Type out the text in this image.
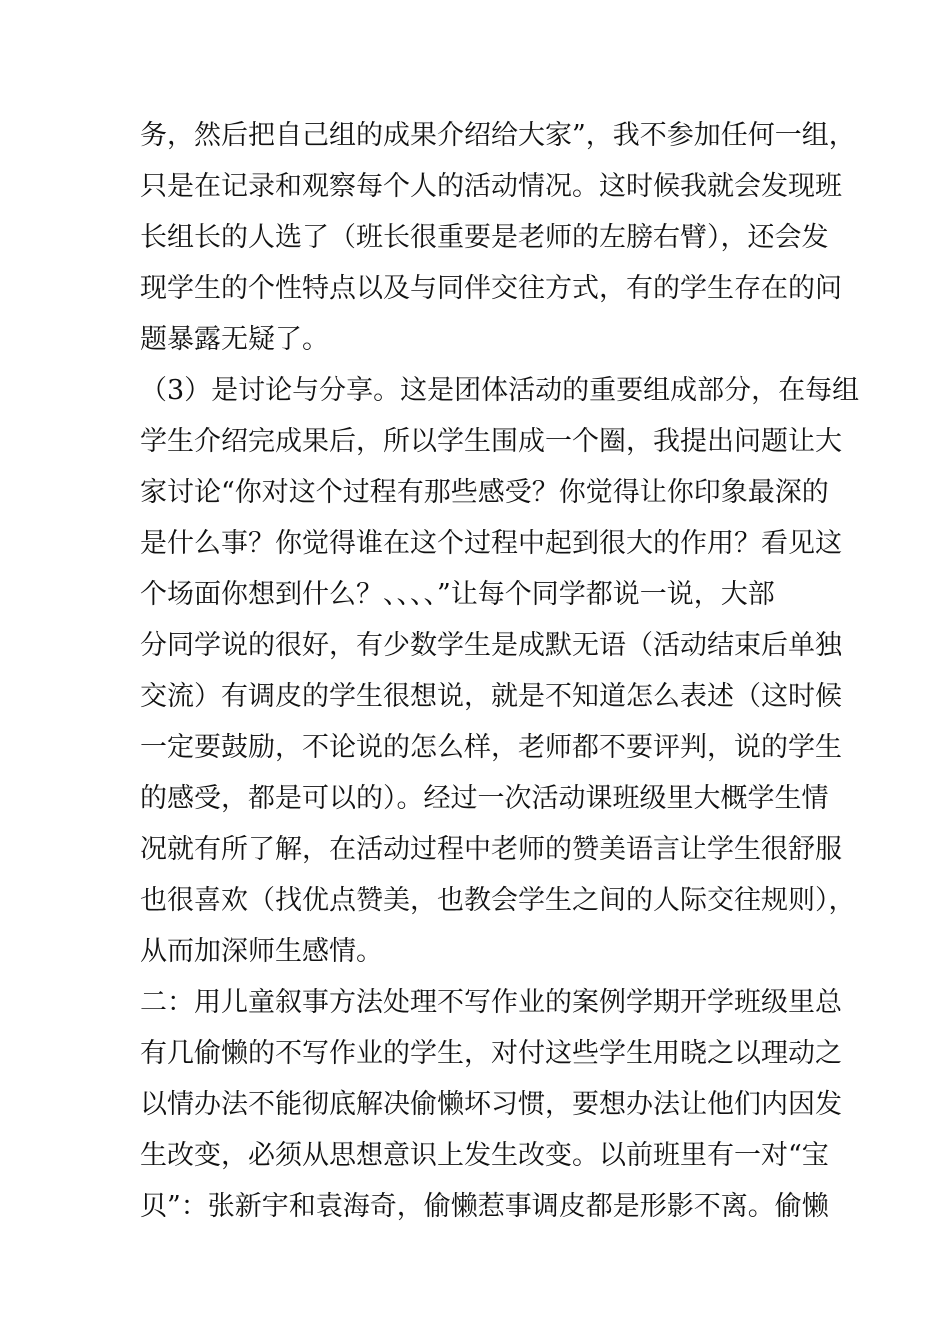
务，然后把自己组的成果介绍给大家”，我不参加任何一组，
只是在记录和观察每个人的活动情况。这时候我就会发现班
长组长的人选了（班长很重要是老师的左膀右臂），还会发
现学生的个性特点以及与同伴交往方式，有的学生存在的问
题暴露无疑了。
（3）是讨论与分享。这是团体活动的重要组成部分，在每组
学生介绍完成果后，所以学生围成一个圈，我提出问题让大
家讨论“你对这个过程有那些感受？你觉得让你印象最深的
是什么事？你觉得谁在这个过程中起到很大的作用？看见这
个场面你想到什么？、、、、”让每个同学都说一说，大部
分同学说的很好，有少数学生是成默无语（活动结束后单独
交流）有调皮的学生很想说，就是不知道怎么表述（这时候
一定要鼓励，不论说的怎么样，老师都不要评判，说的学生
的感受，都是可以的）。经过一次活动课班级里大概学生情
况就有所了解，在活动过程中老师的赞美语言让学生很舒服
也很喜欢（找优点赞美，也教会学生之间的人际交往规则），
从而加深师生感情。
二：用儿童叙事方法处理不写作业的案例学期开学班级里总
有几偷懒的不写作业的学生，对付这些学生用晓之以理动之
以情办法不能彻底解决偷懒坏习惯，要想办法让他们内因发
生改变，必须从思想意识上发生改变。以前班里有一对“宝
贝”：张新宇和袁海奇，偷懒惹事调皮都是形影不离。偷懒
